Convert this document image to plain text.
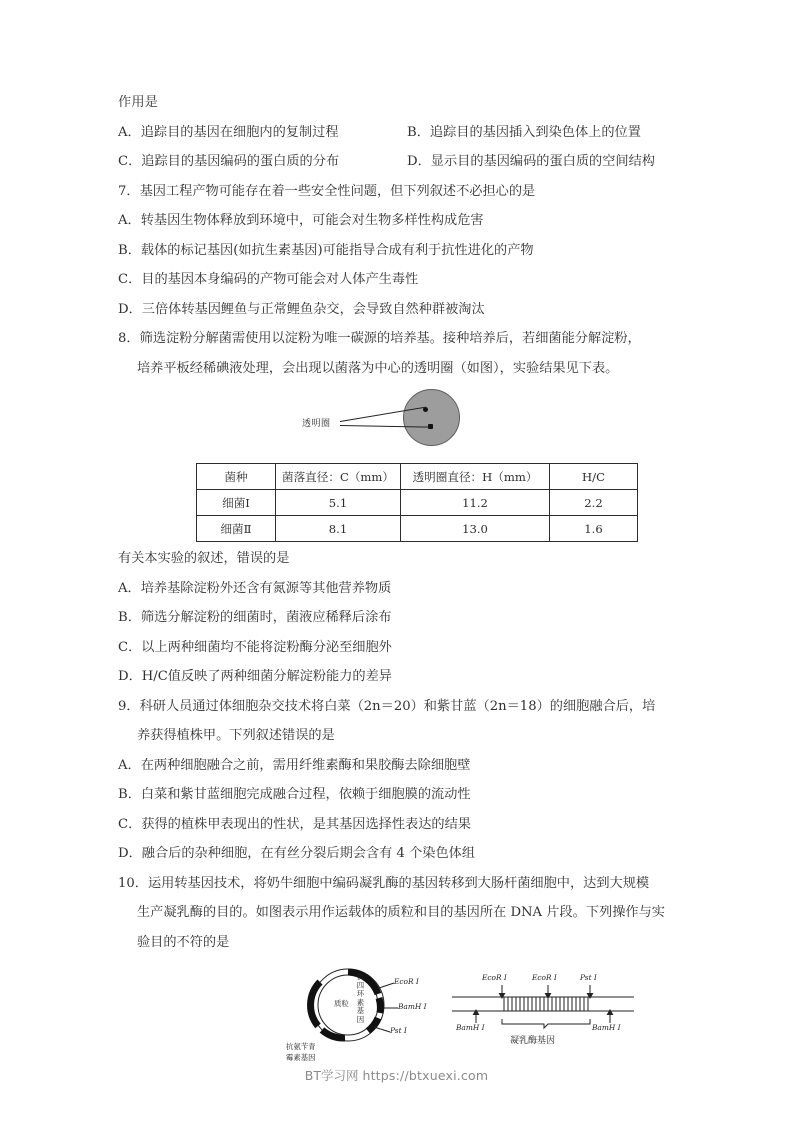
作用是
A．追踪目的基因在细胞内的复制过程	B．追踪目的基因插入到染色体上的位置
C．追踪目的基因编码的蛋白质的分布	D．显示目的基因编码的蛋白质的空间结构
7．基因工程产物可能存在着一些安全性问题，但下列叙述不必担心的是
A．转基因生物体释放到环境中，可能会对生物多样性构成危害
B．载体的标记基因(如抗生素基因)可能指导合成有利于抗性进化的产物
C．目的基因本身编码的产物可能会对人体产生毒性
D．三倍体转基因鲤鱼与正常鲤鱼杂交，会导致自然种群被淘汰
8．筛选淀粉分解菌需使用以淀粉为唯一碳源的培养基。接种培养后，若细菌能分解淀粉，
培养平板经稀碘液处理，会出现以菌落为中心的透明圈（如图），实验结果见下表。
透明圈
菌种	菌落直径：C（mm）	透明圈直径：H（mm）	H/C
细菌Ⅰ	5.1	11.2	2.2
细菌Ⅱ	8.1	13.0	1.6
有关本实验的叙述，错误的是
A．培养基除淀粉外还含有氮源等其他营养物质
B．筛选分解淀粉的细菌时，菌液应稀释后涂布
C．以上两种细菌均不能将淀粉酶分泌至细胞外
D．H/C值反映了两种细菌分解淀粉能力的差异
9．科研人员通过体细胞杂交技术将白菜（2n＝20）和紫甘蓝（2n＝18）的细胞融合后，培
养获得植株甲。下列叙述错误的是
A．在两种细胞融合之前，需用纤维素酶和果胶酶去除细胞壁
B．白菜和紫甘蓝细胞完成融合过程，依赖于细胞膜的流动性
C．获得的植株甲表现出的性状，是其基因选择性表达的结果
D．融合后的杂种细胞，在有丝分裂后期会含有 4 个染色体组
10．运用转基因技术，将奶牛细胞中编码凝乳酶的基因转移到大肠杆菌细胞中，达到大规模
生产凝乳酶的目的。如图表示用作运载体的质粒和目的基因所在 DNA 片段。下列操作与实
验目的不符的是
EcoR Ⅰ
BamH Ⅰ
Pst Ⅰ
质粒
抗四环素基因
抗氨苄青
霉素基因
EcoR Ⅰ	EcoR Ⅰ	Pst Ⅰ
BamH Ⅰ	BamH Ⅰ
凝乳酶基因
BT学习网 https://btxuexi.com
